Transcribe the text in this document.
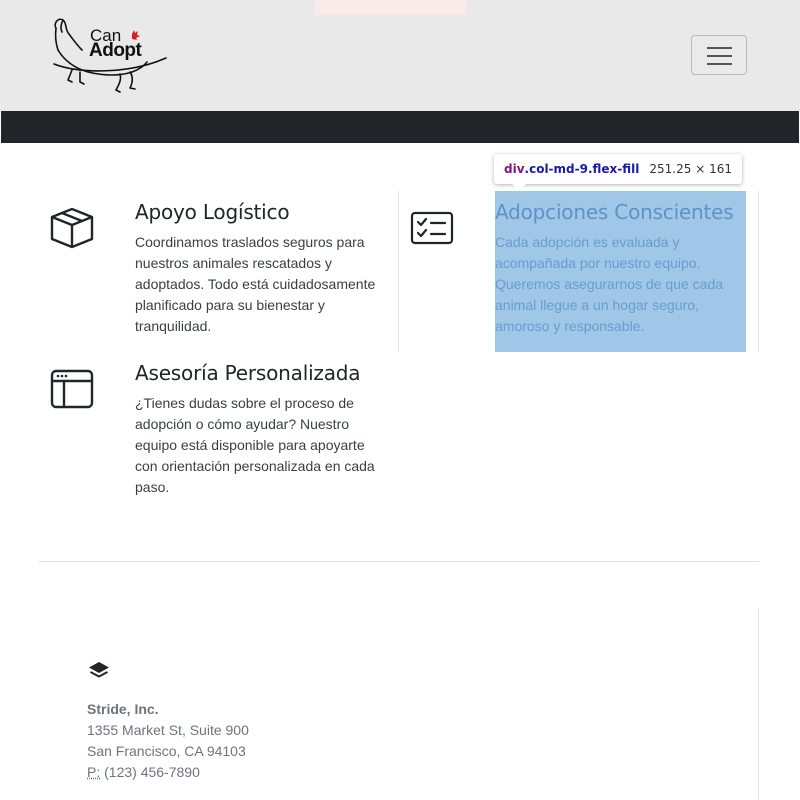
Can
Adopt
Apoyo Logístico
Coordinamos traslados seguros para nuestros animales rescatados y adoptados. Todo está cuidadosamente planificado para su bienestar y tranquilidad.
Asesoría Personalizada
¿Tienes dudas sobre el proceso de adopción o cómo ayudar? Nuestro equipo está disponible para apoyarte con orientación personalizada en cada paso.
div .col-md-9.flex-fill 251.25 × 161
Stride, Inc.
1355 Market St, Suite 900
San Francisco, CA 94103
P: (123) 456-7890
